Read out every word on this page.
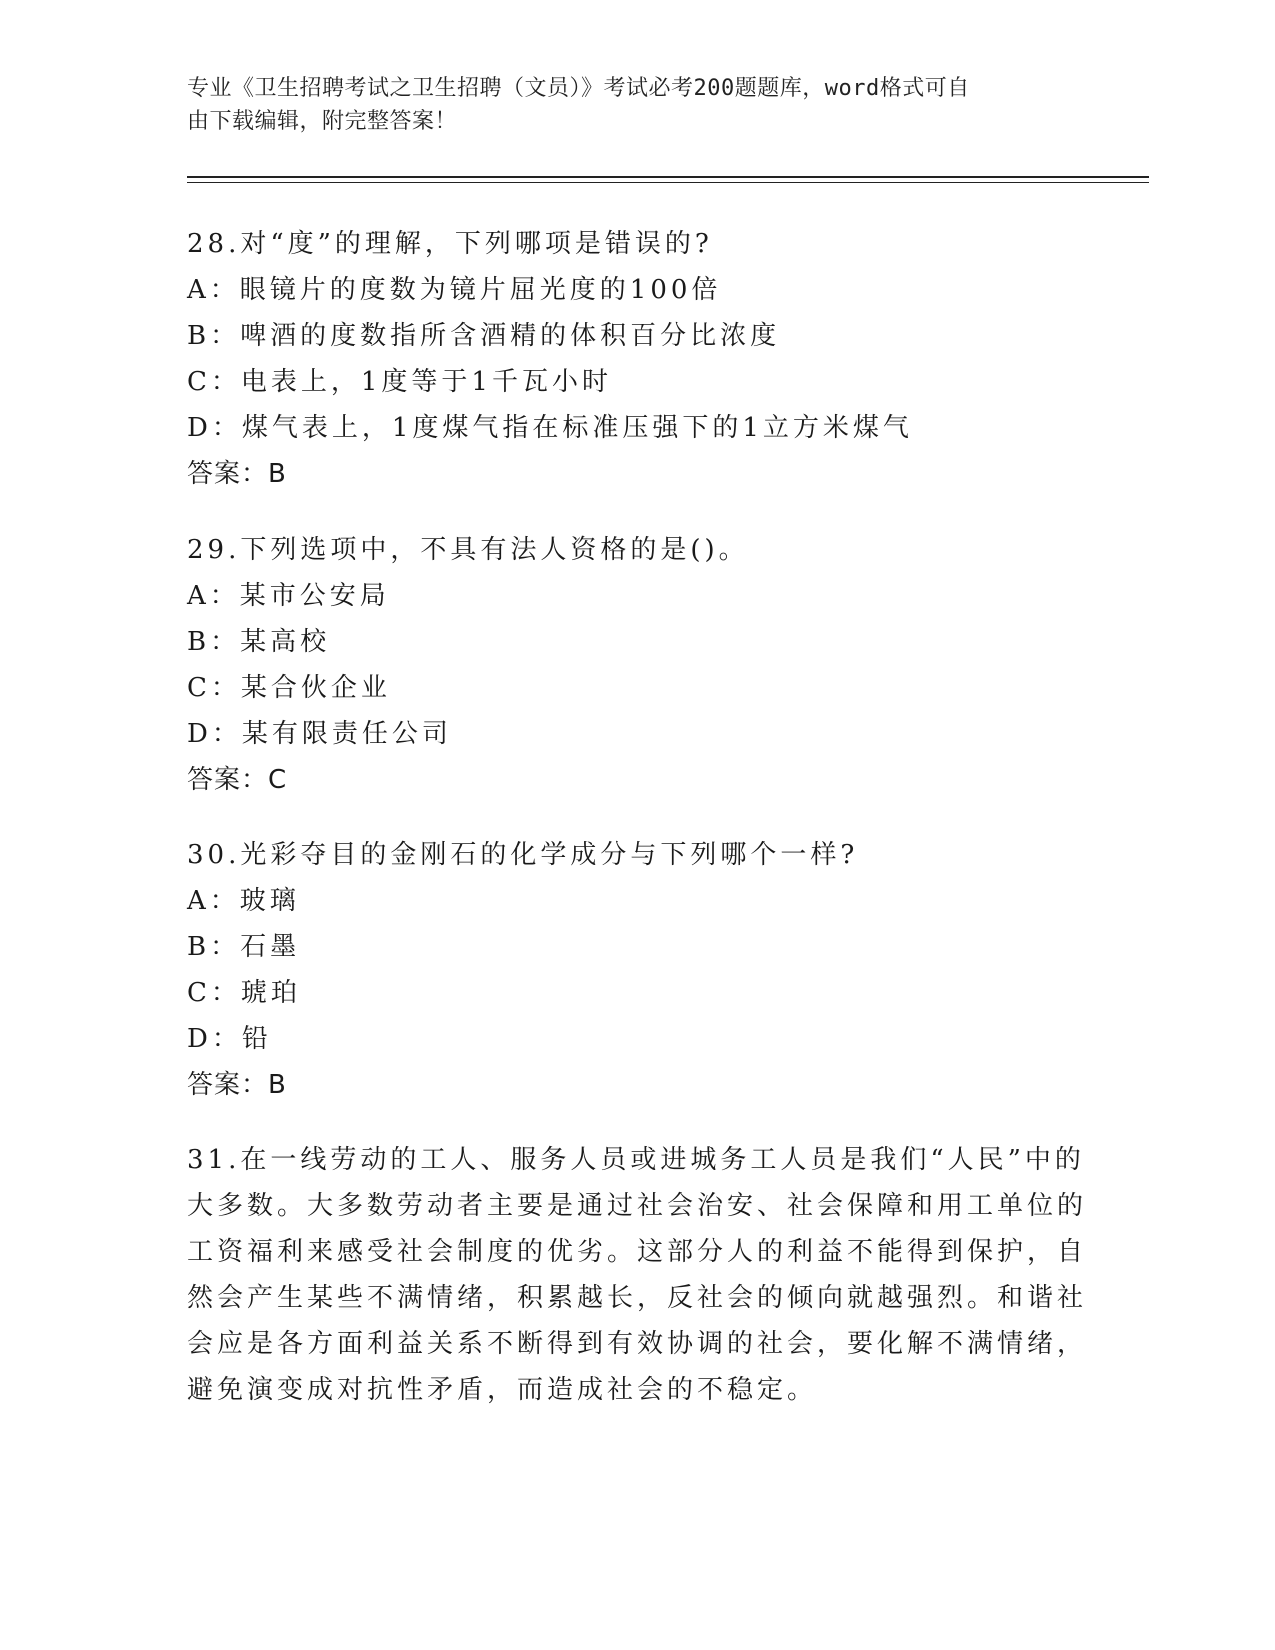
专业《卫生招聘考试之卫生招聘（文员）》考试必考200题题库，word格式可自
由下载编辑，附完整答案！
28.对“度”的理解，下列哪项是错误的?
A：眼镜片的度数为镜片屈光度的100倍
B：啤酒的度数指所含酒精的体积百分比浓度
C：电表上，1度等于1千瓦小时
D：煤气表上，1度煤气指在标准压强下的1立方米煤气
答案：B
29.下列选项中，不具有法人资格的是()。
A：某市公安局
B：某高校
C：某合伙企业
D：某有限责任公司
答案：C
30.光彩夺目的金刚石的化学成分与下列哪个一样?
A：玻璃
B：石墨
C：琥珀
D：铅
答案：B
31.在一线劳动的工人、服务人员或进城务工人员是我们“人民”中的
大多数。大多数劳动者主要是通过社会治安、社会保障和用工单位的
工资福利来感受社会制度的优劣。这部分人的利益不能得到保护，自
然会产生某些不满情绪，积累越长，反社会的倾向就越强烈。和谐社
会应是各方面利益关系不断得到有效协调的社会，要化解不满情绪，
避免演变成对抗性矛盾，而造成社会的不稳定。
